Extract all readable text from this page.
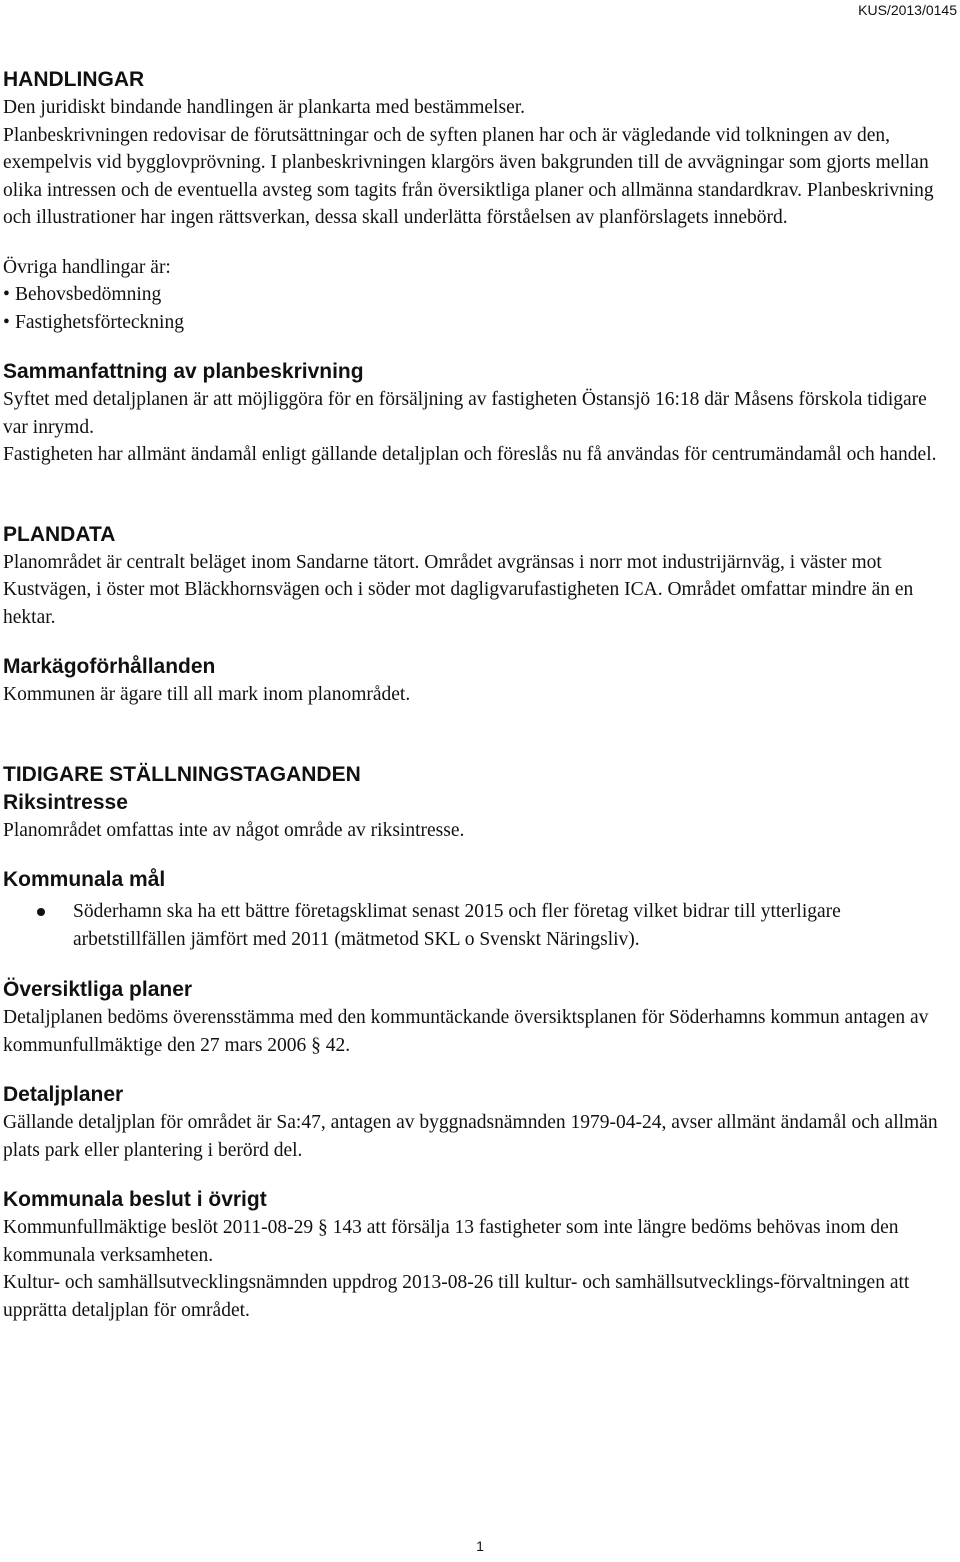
KUS/2013/0145
HANDLINGAR

Den juridiskt bindande handlingen är plankarta med bestämmelser.

Planbeskrivningen redovisar de förutsättningar och de syften planen har och är vägledande vid tolkningen av den, exempelvis vid bygglovprövning. I planbeskrivningen klargörs även bakgrunden till de avvägningar som gjorts mellan olika intressen och de eventuella avsteg som tagits från översiktliga planer och allmänna standardkrav. Planbeskrivning och illustrationer har ingen rättsverkan, dessa skall underlätta förståelsen av planförslagets innebörd.

Övriga handlingar är:

• Behovsbedömning
• Fastighetsförteckning
Sammanfattning av planbeskrivning

Syftet med detaljplanen är att möjliggöra för en försäljning av fastigheten Östansjö 16:18 där Måsens förskola tidigare var inrymd.

Fastigheten har allmänt ändamål enligt gällande detaljplan och föreslås nu få användas för centrumändamål och handel.

PLANDATA

Planområdet är centralt beläget inom Sandarne tätort. Området avgränsas i norr mot industrijärnväg, i väster mot Kustvägen, i öster mot Bläckhornsvägen och i söder mot dagligvarufastigheten ICA. Området omfattar mindre än en hektar.

Markägoförhållanden

Kommunen är ägare till all mark inom planområdet.

TIDIGARE STÄLLNINGSTAGANDEN
Riksintresse

Planområdet omfattas inte av något område av riksintresse.

Kommunala mål
Söderhamn ska ha ett bättre företagsklimat senast 2015 och fler företag vilket bidrar till ytterligare arbetstillfällen jämfört med 2011 (mätmetod SKL o Svenskt Näringsliv).
Översiktliga planer

Detaljplanen bedöms överensstämma med den kommuntäckande översiktsplanen för Söderhamns kommun antagen av kommunfullmäktige den 27 mars 2006 § 42.

Detaljplaner

Gällande detaljplan för området är Sa:47, antagen av byggnadsnämnden 1979-04-24, avser allmänt ändamål och allmän plats park eller plantering i berörd del.

Kommunala beslut i övrigt

Kommunfullmäktige beslöt 2011-08-29 § 143 att försälja 13 fastigheter som inte längre bedöms behövas inom den kommunala verksamheten.

Kultur- och samhällsutvecklingsnämnden uppdrog 2013-08-26 till kultur- och samhällsutvecklings-förvaltningen att upprätta detaljplan för området.

1
